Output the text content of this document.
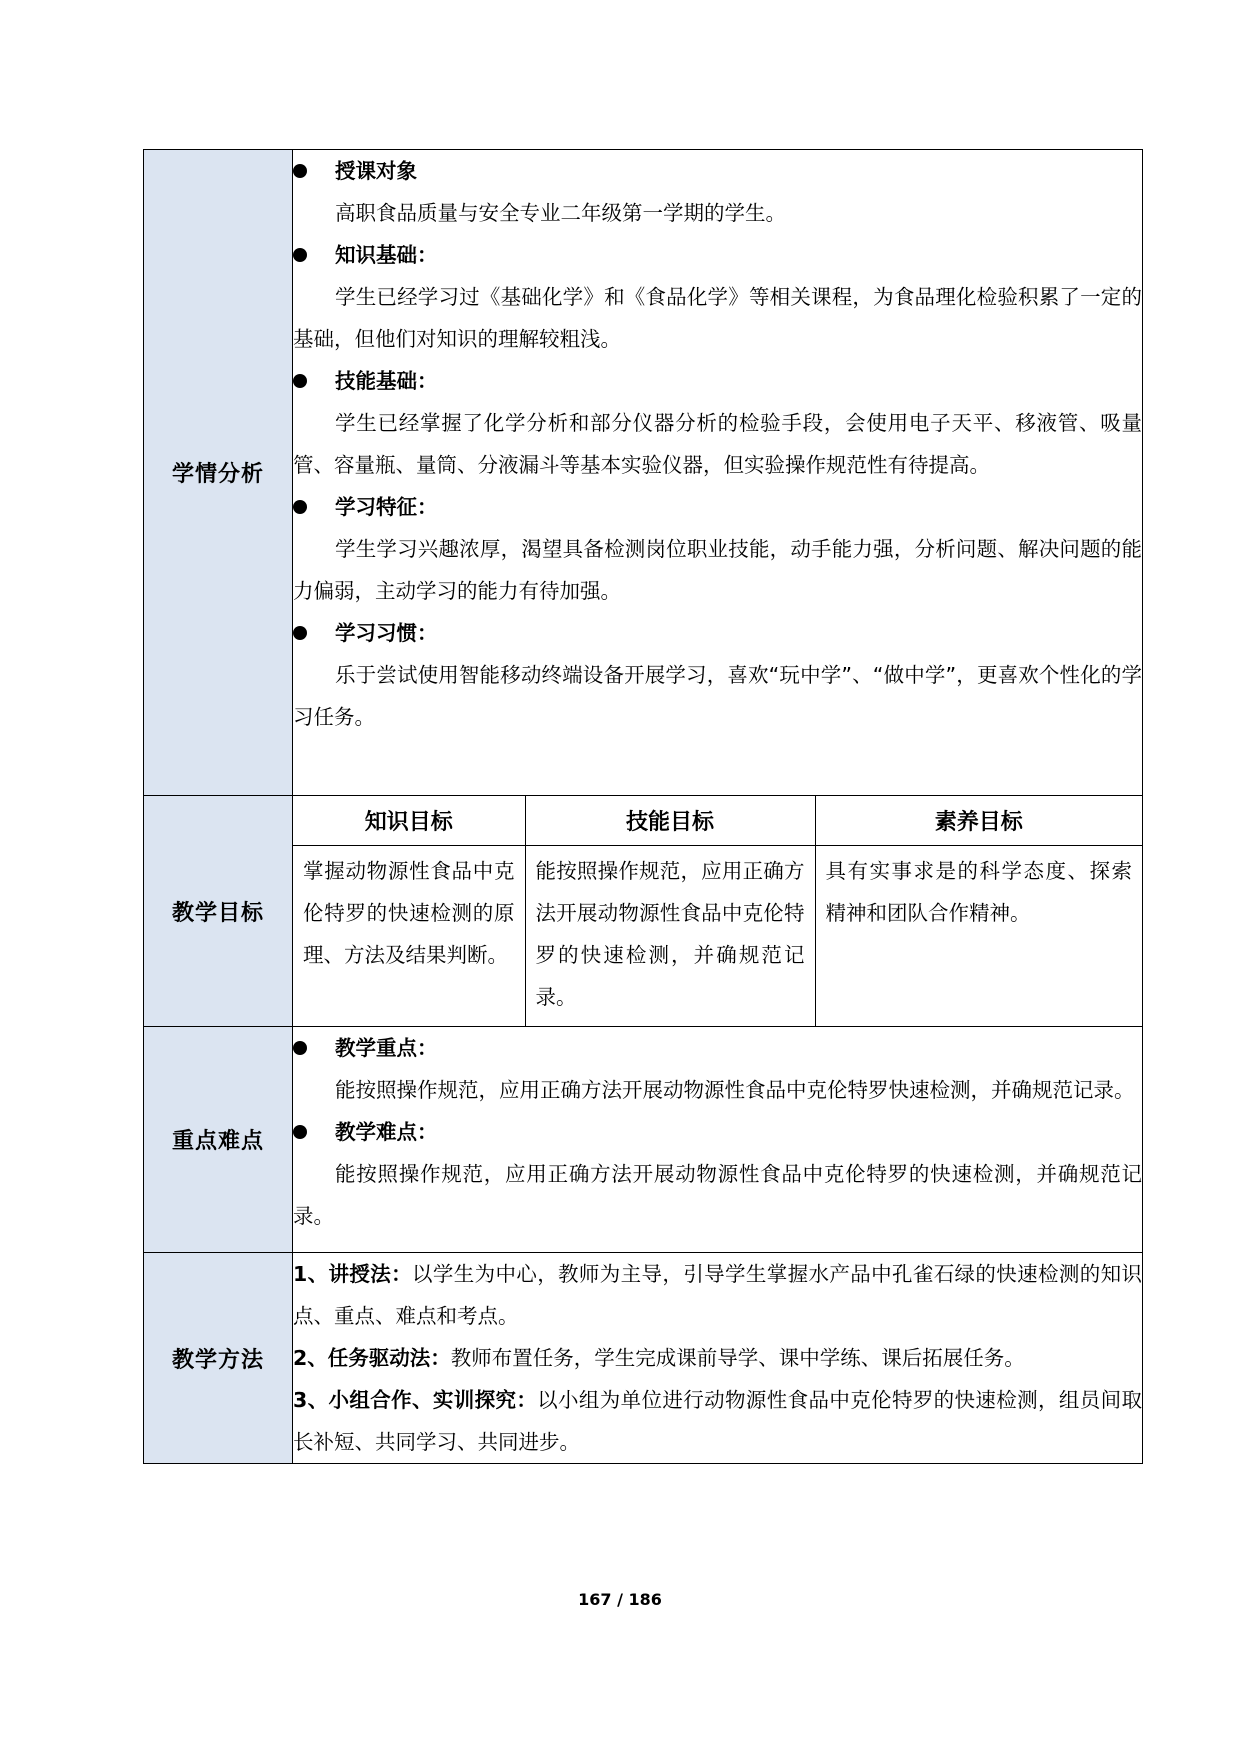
学情分析	
授课对象
高职食品质量与安全专业二年级第一学期的学生。
知识基础：
学生已经学习过《基础化学》和《食品化学》等相关课程，为食品理化检验积累了一定的基础，但他们对知识的理解较粗浅。
技能基础：
学生已经掌握了化学分析和部分仪器分析的检验手段，会使用电子天平、移液管、吸量管、容量瓶、量筒、分液漏斗等基本实验仪器，但实验操作规范性有待提高。
学习特征：
学生学习兴趣浓厚，渴望具备检测岗位职业技能，动手能力强，分析问题、解决问题的能力偏弱，主动学习的能力有待加强。
学习习惯：
乐于尝试使用智能移动终端设备开展学习，喜欢“玩中学”、“做中学”，更喜欢个性化的学习任务。

教学目标	
知识目标	技能目标	素养目标
掌握动物源性食品中克伦特罗的快速检测的原理、方法及结果判断。	能按照操作规范，应用正确方法开展动物源性食品中克伦特罗的快速检测，并确规范记录。	具有实事求是的科学态度、探索精神和团队合作精神。

重点难点	
教学重点：
能按照操作规范，应用正确方法开展动物源性食品中克伦特罗快速检测，并确规范记录。
教学难点：
能按照操作规范，应用正确方法开展动物源性食品中克伦特罗的快速检测，并确规范记录。

教学方法	
1、讲授法：以学生为中心，教师为主导，引导学生掌握水产品中孔雀石绿的快速检测的知识点、重点、难点和考点。
2、任务驱动法：教师布置任务，学生完成课前导学、课中学练、课后拓展任务。
3、小组合作、实训探究：以小组为单位进行动物源性食品中克伦特罗的快速检测，组员间取长补短、共同学习、共同进步。
167 / 186
